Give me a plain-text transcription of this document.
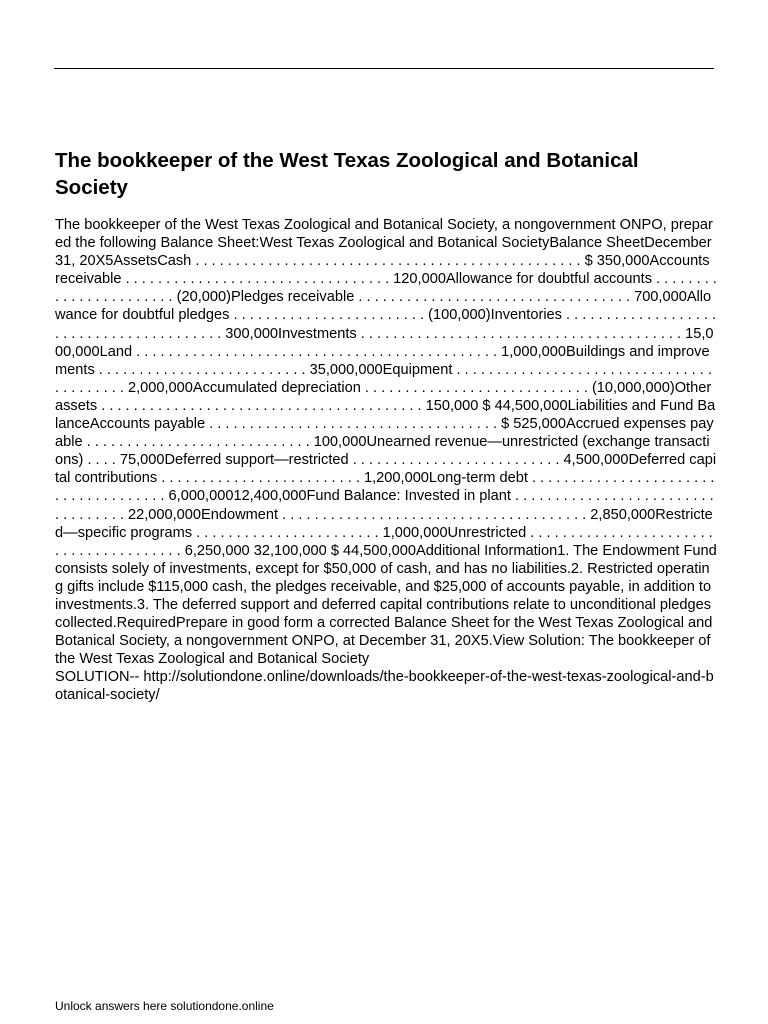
The bookkeeper of the West Texas Zoological and Botanical Society

The bookkeeper of the West Texas Zoological and Botanical Society, a nongovernment ONPO, prepared the following Balance Sheet:West Texas Zoological and Botanical SocietyBalance SheetDecember 31, 20X5AssetsCash . . . . . . . . . . . . . . . . . . . . . . . . . . . . . . . . . . . . . . . . . . . . . . . . $ 350,000Accounts receivable . . . . . . . . . . . . . . . . . . . . . . . . . . . . . . . . . 120,000Allowance for doubtful accounts . . . . . . . . . . . . . . . . . . . . . . . (20,000)Pledges receivable . . . . . . . . . . . . . . . . . . . . . . . . . . . . . . . . . . 700,000Allowance for doubtful pledges . . . . . . . . . . . . . . . . . . . . . . . . (100,000)Inventories . . . . . . . . . . . . . . . . . . . . . . . . . . . . . . . . . . . . . . . . 300,000Investments . . . . . . . . . . . . . . . . . . . . . . . . . . . . . . . . . . . . . . . . 15,000,000Land . . . . . . . . . . . . . . . . . . . . . . . . . . . . . . . . . . . . . . . . . . . . . 1,000,000Buildings and improvements . . . . . . . . . . . . . . . . . . . . . . . . . . 35,000,000Equipment . . . . . . . . . . . . . . . . . . . . . . . . . . . . . . . . . . . . . . . . . 2,000,000Accumulated depreciation . . . . . . . . . . . . . . . . . . . . . . . . . . . . (10,000,000)Other assets . . . . . . . . . . . . . . . . . . . . . . . . . . . . . . . . . . . . . . . . 150,000 $ 44,500,000Liabilities and Fund BalanceAccounts payable . . . . . . . . . . . . . . . . . . . . . . . . . . . . . . . . . . . . $ 525,000Accrued expenses payable . . . . . . . . . . . . . . . . . . . . . . . . . . . . 100,000Unearned revenue—unrestricted (exchange transactions) . . . . 75,000Deferred support—restricted . . . . . . . . . . . . . . . . . . . . . . . . . . 4,500,000Deferred capital contributions . . . . . . . . . . . . . . . . . . . . . . . . . 1,200,000Long-term debt . . . . . . . . . . . . . . . . . . . . . . . . . . . . . . . . . . . . . 6,000,00012,400,000Fund Balance: Invested in plant . . . . . . . . . . . . . . . . . . . . . . . . . . . . . . . . . . 22,000,000Endowment . . . . . . . . . . . . . . . . . . . . . . . . . . . . . . . . . . . . . . 2,850,000Restricted—specific programs . . . . . . . . . . . . . . . . . . . . . . . 1,000,000Unrestricted . . . . . . . . . . . . . . . . . . . . . . . . . . . . . . . . . . . . . . . 6,250,000 32,100,000 $ 44,500,000Additional Information1. The Endowment Fund consists solely of investments, except for $50,000 of cash, and has no liabilities.2. Restricted operating gifts include $115,000 cash, the pledges receivable, and $25,000 of accounts payable, in addition to investments.3. The deferred support and deferred capital contributions relate to unconditional pledges collected.RequiredPrepare in good form a corrected Balance Sheet for the West Texas Zoological and Botanical Society, a nongovernment ONPO, at December 31, 20X5.View Solution: The bookkeeper of the West Texas Zoological and Botanical Society
SOLUTION-- http://solutiondone.online/downloads/the-bookkeeper-of-the-west-texas-zoological-and-botanical-society/

Unlock answers here solutiondone.online
